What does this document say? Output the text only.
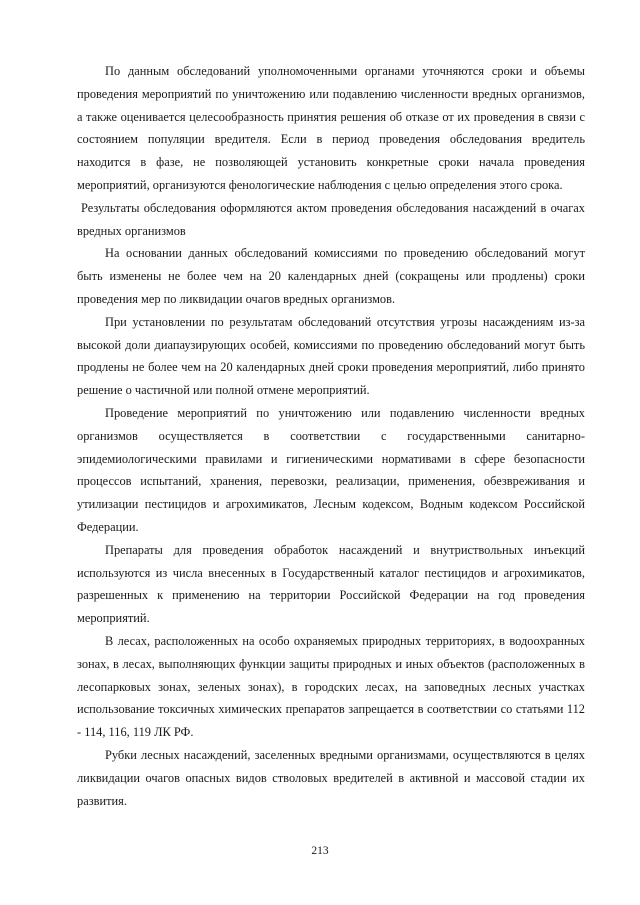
По данным обследований уполномоченными органами уточняются сроки и объемы проведения мероприятий по уничтожению или подавлению численности вредных организмов, а также оценивается целесообразность принятия решения об отказе от их проведения в связи с состоянием популяции вредителя. Если в период проведения обследования вредитель находится в фазе, не позволяющей установить конкретные сроки начала проведения мероприятий, организуются фенологические наблюдения с целью определения этого срока.

Результаты обследования оформляются актом проведения обследования насаждений в очагах вредных организмов

На основании данных обследований комиссиями по проведению обследований могут быть изменены не более чем на 20 календарных дней (сокращены или продлены) сроки проведения мер по ликвидации очагов вредных организмов.

При установлении по результатам обследований отсутствия угрозы насаждениям из-за высокой доли диапаузирующих особей, комиссиями по проведению обследований могут быть продлены не более чем на 20 календарных дней сроки проведения мероприятий, либо принято решение о частичной или полной отмене мероприятий.

Проведение мероприятий по уничтожению или подавлению численности вредных организмов осуществляется в соответствии с государственными санитарно-эпидемиологическими правилами и гигиеническими нормативами в сфере безопасности процессов испытаний, хранения, перевозки, реализации, применения, обезвреживания и утилизации пестицидов и агрохимикатов, Лесным кодексом, Водным кодексом Российской Федерации.

Препараты для проведения обработок насаждений и внутриствольных инъекций используются из числа внесенных в Государственный каталог пестицидов и агрохимикатов, разрешенных к применению на территории Российской Федерации на год проведения мероприятий.

В лесах, расположенных на особо охраняемых природных территориях, в водоохранных зонах, в лесах, выполняющих функции защиты природных и иных объектов (расположенных в лесопарковых зонах, зеленых зонах), в городских лесах, на заповедных лесных участках использование токсичных химических препаратов запрещается в соответствии со статьями 112 - 114, 116, 119 ЛК РФ.

Рубки лесных насаждений, заселенных вредными организмами, осуществляются в целях ликвидации очагов опасных видов стволовых вредителей в активной и массовой стадии их развития.

213
